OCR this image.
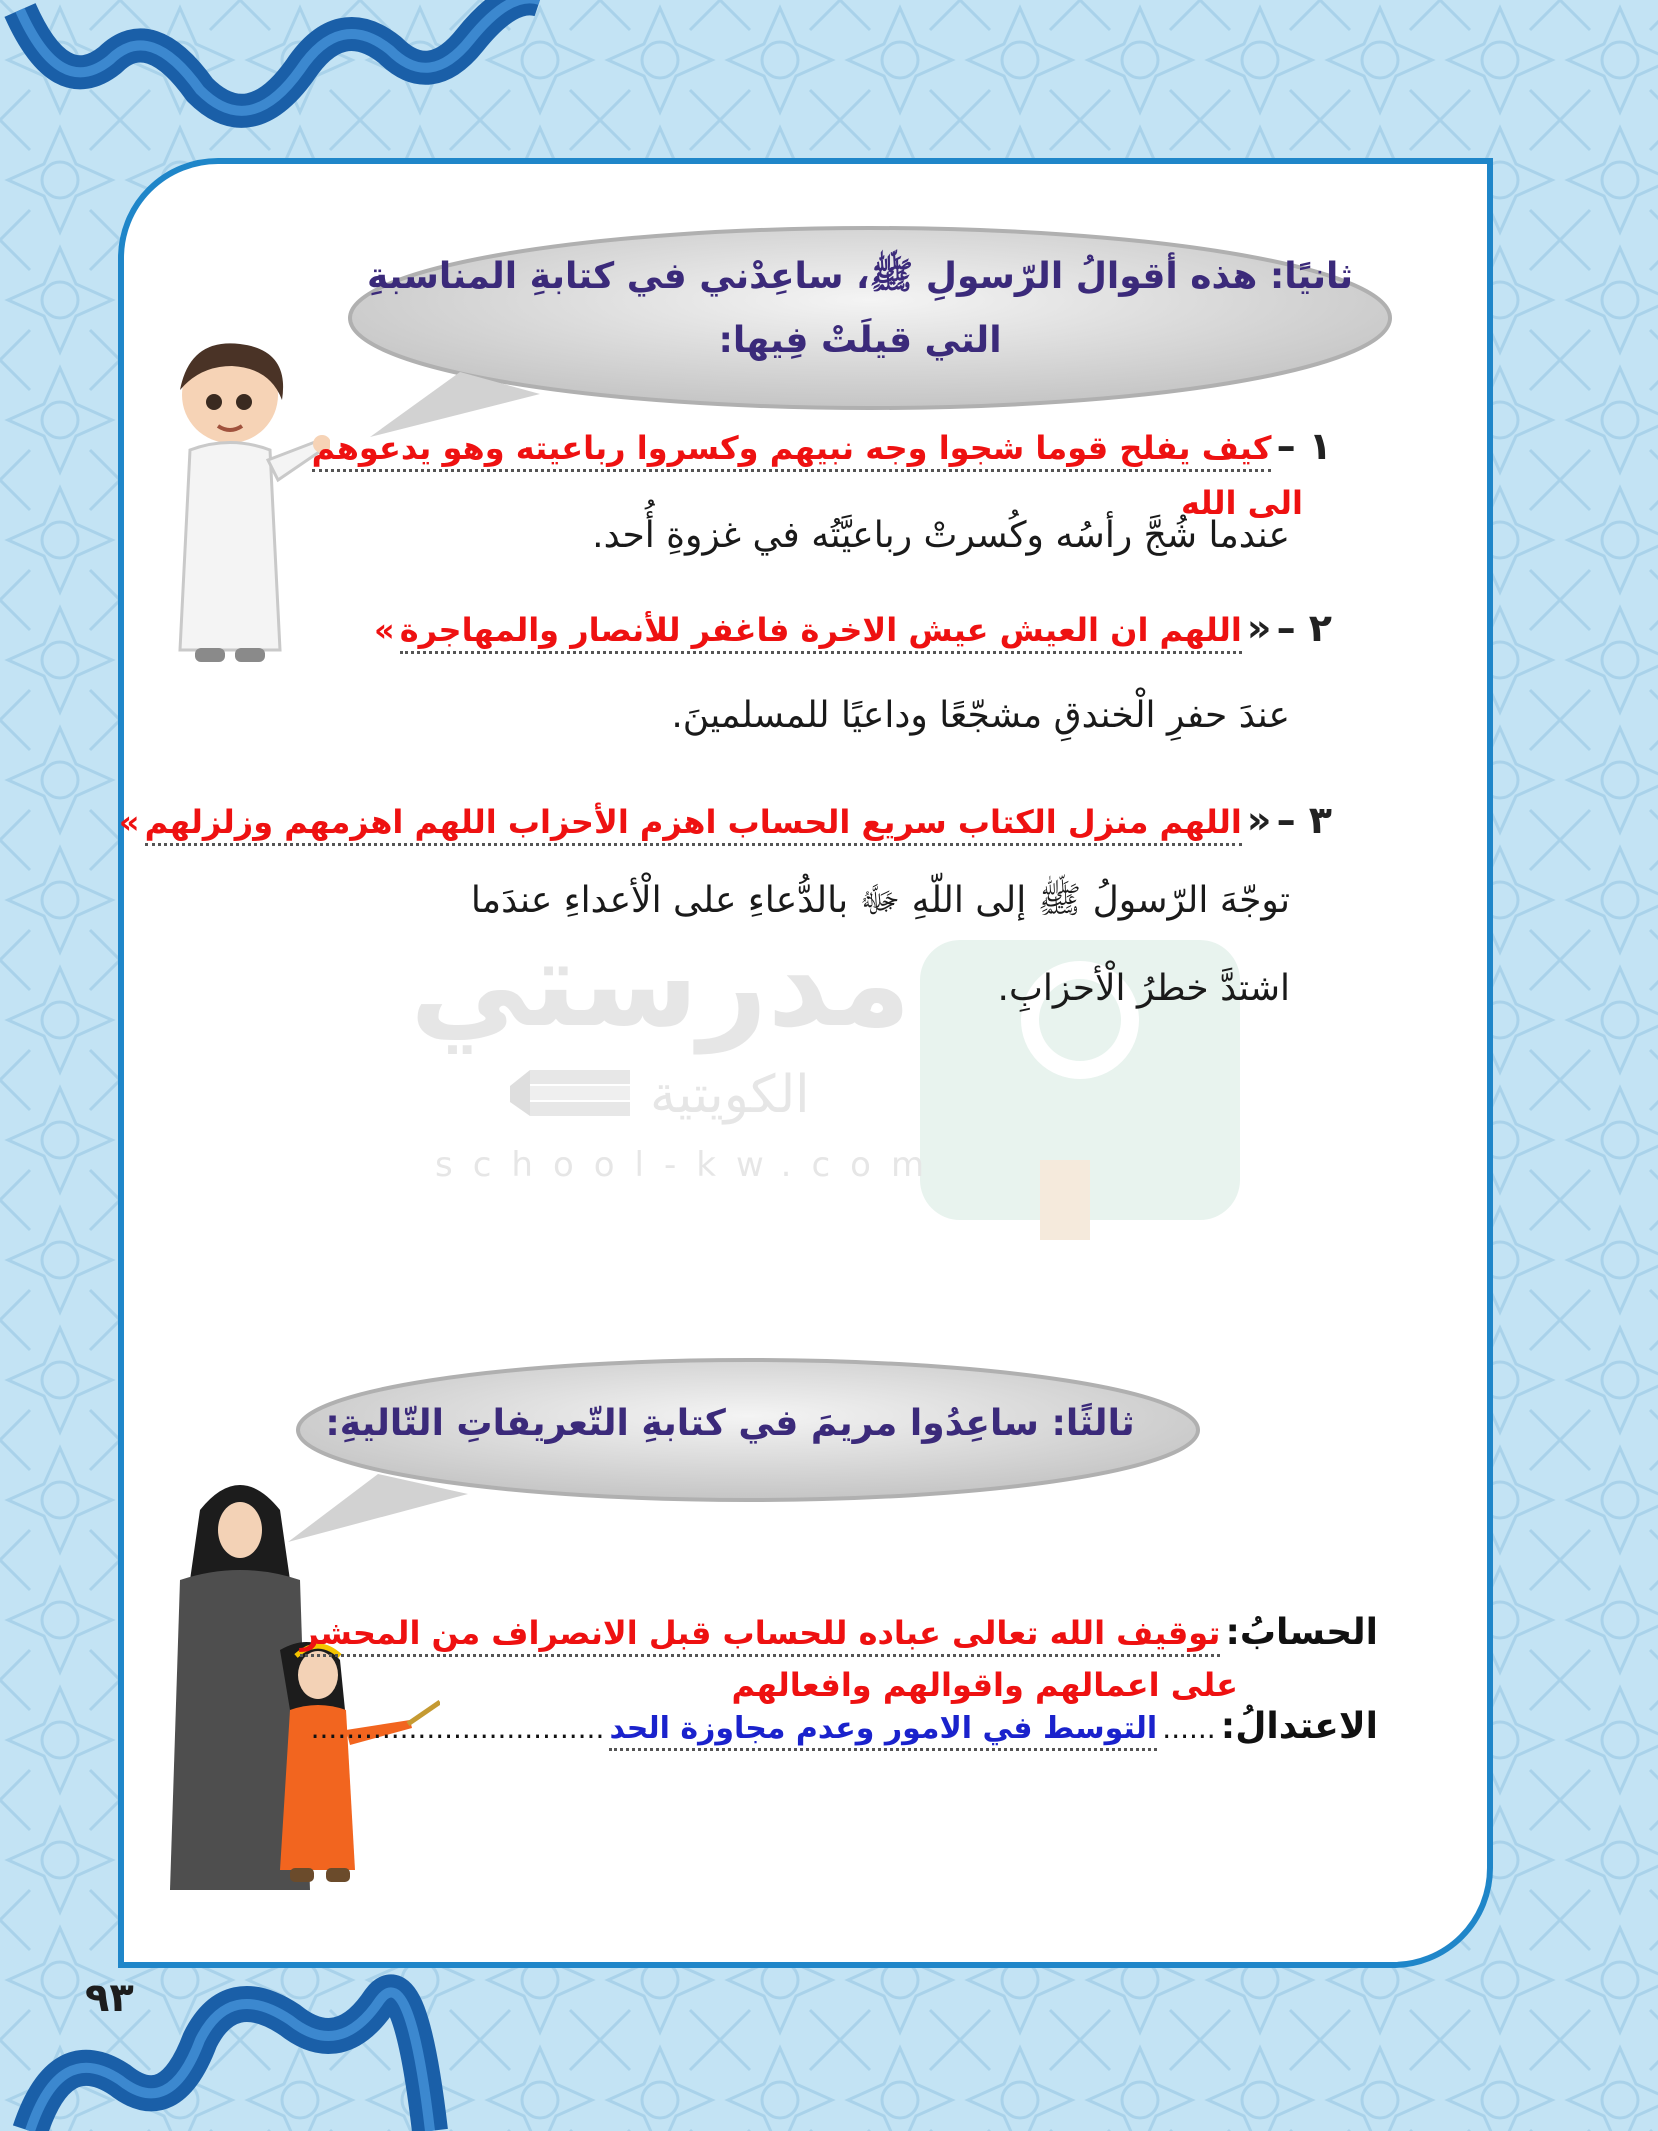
مدرستي
الكويتية
school-kw.com
ثانيًا: هذه أقوالُ الرّسولِ ﷺ، ساعِدْني في كتابةِ المناسبةِ
التي قيلَتْ فِيها:
١ – كيف يفلح قوما شجوا وجه نبيهم وكسروا رباعيته وهو يدعوهم
الى الله
عندما شُجَّ رأسُه وكُسرتْ رباعيَّتُه في غزوةِ أُحد.
٢ – « اللهم ان العيش عيش الاخرة فاغفر للأنصار والمهاجرة »
عندَ حفرِ الْخندقِ مشجّعًا وداعيًا للمسلمينَ.
٣ – « اللهم منزل الكتاب سريع الحساب اهزم الأحزاب اللهم اهزمهم وزلزلهم »
توجّهَ الرّسولُ ﷺ إلى اللّهِ ﷻ بالدُّعاءِ على الْأعداءِ عندَما
اشتدَّ خطرُ الْأحزابِ.
ثالثًا: ساعِدُوا مريمَ في كتابةِ التّعريفاتِ التّاليةِ:
الحسابُ: توقيف الله تعالى عباده للحساب قبل الانصراف من المحشر
على اعمالهم واقوالهم وافعالهم
الاعتدالُ: ...... التوسط في الامور وعدم مجاوزة الحد .................................
٩٣
